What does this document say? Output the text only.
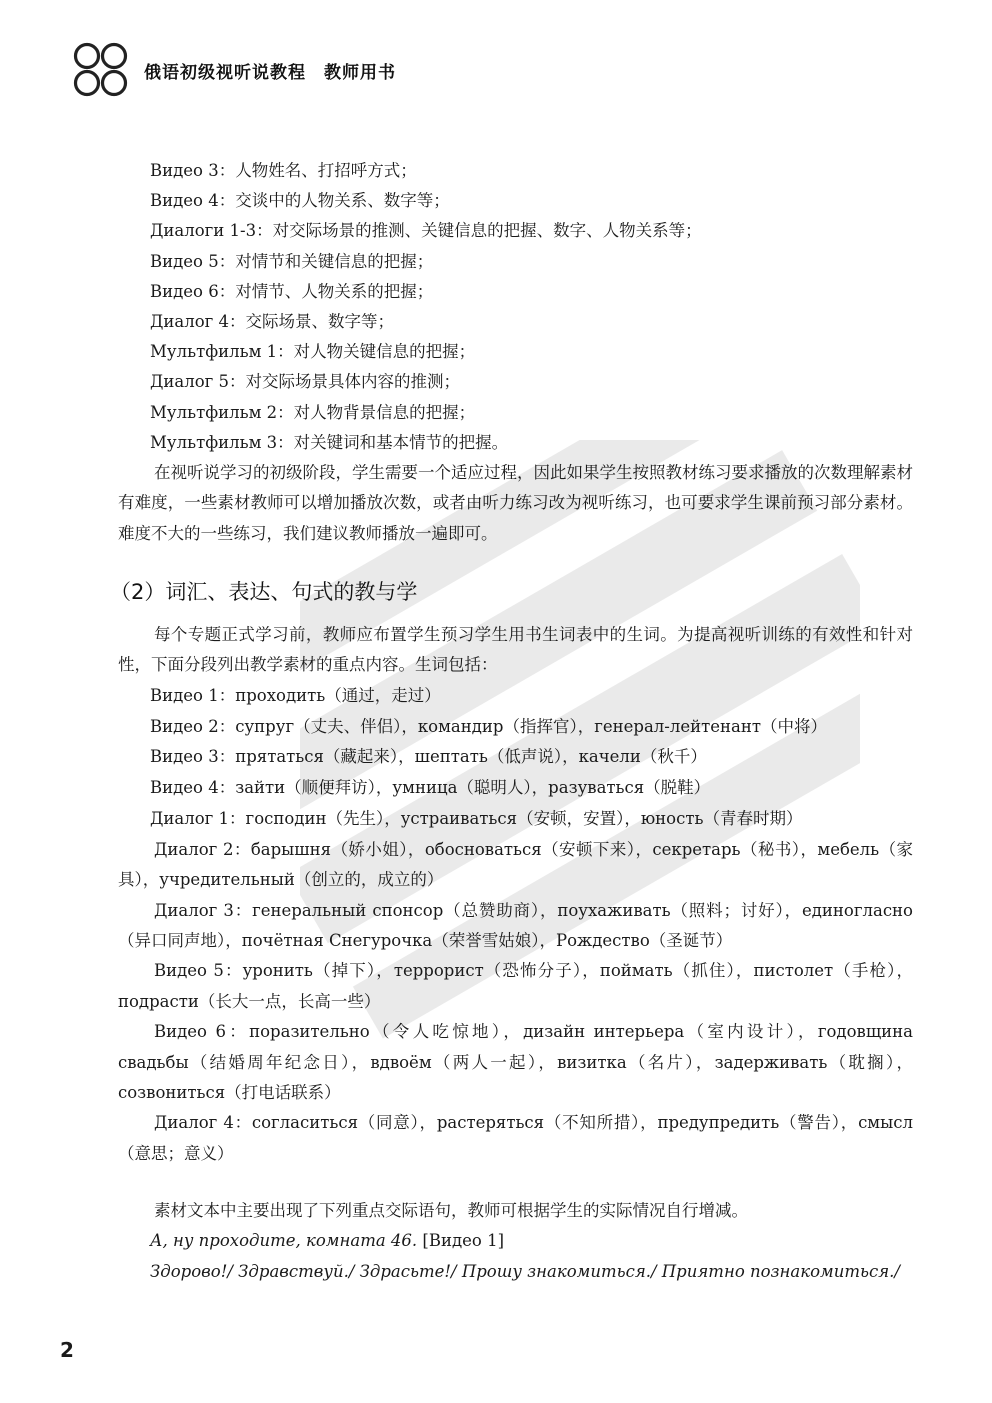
俄语初级视听说教程　教师用书

Видео 3：人物姓名、打招呼方式；

Видео 4：交谈中的人物关系、数字等；

Диалоги 1-3：对交际场景的推测、关键信息的把握、数字、人物关系等；

Видео 5：对情节和关键信息的把握；

Видео 6：对情节、人物关系的把握；

Диалог 4：交际场景、数字等；

Мультфильм 1：对人物关键信息的把握；

Диалог 5：对交际场景具体内容的推测；

Мультфильм 2：对人物背景信息的把握；

Мультфильм 3：对关键词和基本情节的把握。

在视听说学习的初级阶段，学生需要一个适应过程，因此如果学生按照教材练习要求播放的次数理解素材有难度，一些素材教师可以增加播放次数，或者由听力练习改为视听练习，也可要求学生课前预习部分素材。难度不大的一些练习，我们建议教师播放一遍即可。

（2）词汇、表达、句式的教与学

每个专题正式学习前，教师应布置学生预习学生用书生词表中的生词。为提高视听训练的有效性和针对性，下面分段列出教学素材的重点内容。生词包括：

Видео 1：проходить（通过，走过）

Видео 2：супруг（丈夫、伴侣），командир（指挥官），генерал-лейтенант（中将）

Видео 3：прятаться（藏起来），шептать（低声说），качели（秋千）

Видео 4：зайти（顺便拜访），умница（聪明人），разуваться（脱鞋）

Диалог 1：господин（先生），устраиваться（安顿，安置），юность（青春时期）

Диалог 2：барышня（娇小姐），обосноваться（安顿下来），секретарь（秘书），мебель（家具），учредительный（创立的，成立的）

Диалог 3：генеральный спонсор（总赞助商），поухаживать（照料；讨好），единогласно（异口同声地），почётная Снегурочка（荣誉雪姑娘），Рождество（圣诞节）

Видео 5：уронить（掉下），террорист（恐怖分子），поймать（抓住），пистолет（手枪），подрасти（长大一点，长高一些）

Видео 6：поразительно（令人吃惊地），дизайн интерьера（室内设计），годовщина свадьбы（结婚周年纪念日），вдвоём（两人一起），визитка（名片），задерживать（耽搁），созвониться（打电话联系）

Диалог 4：согласиться（同意），растеряться（不知所措），предупредить（警告），смысл（意思；意义）

素材文本中主要出现了下列重点交际语句，教师可根据学生的实际情况自行增减。

А, ну проходите, комната 46. [Видео 1]

Здорово!/ Здравствуй./ Здрасьте!/ Прошу знакомиться./ Приятно познакомиться./

2
